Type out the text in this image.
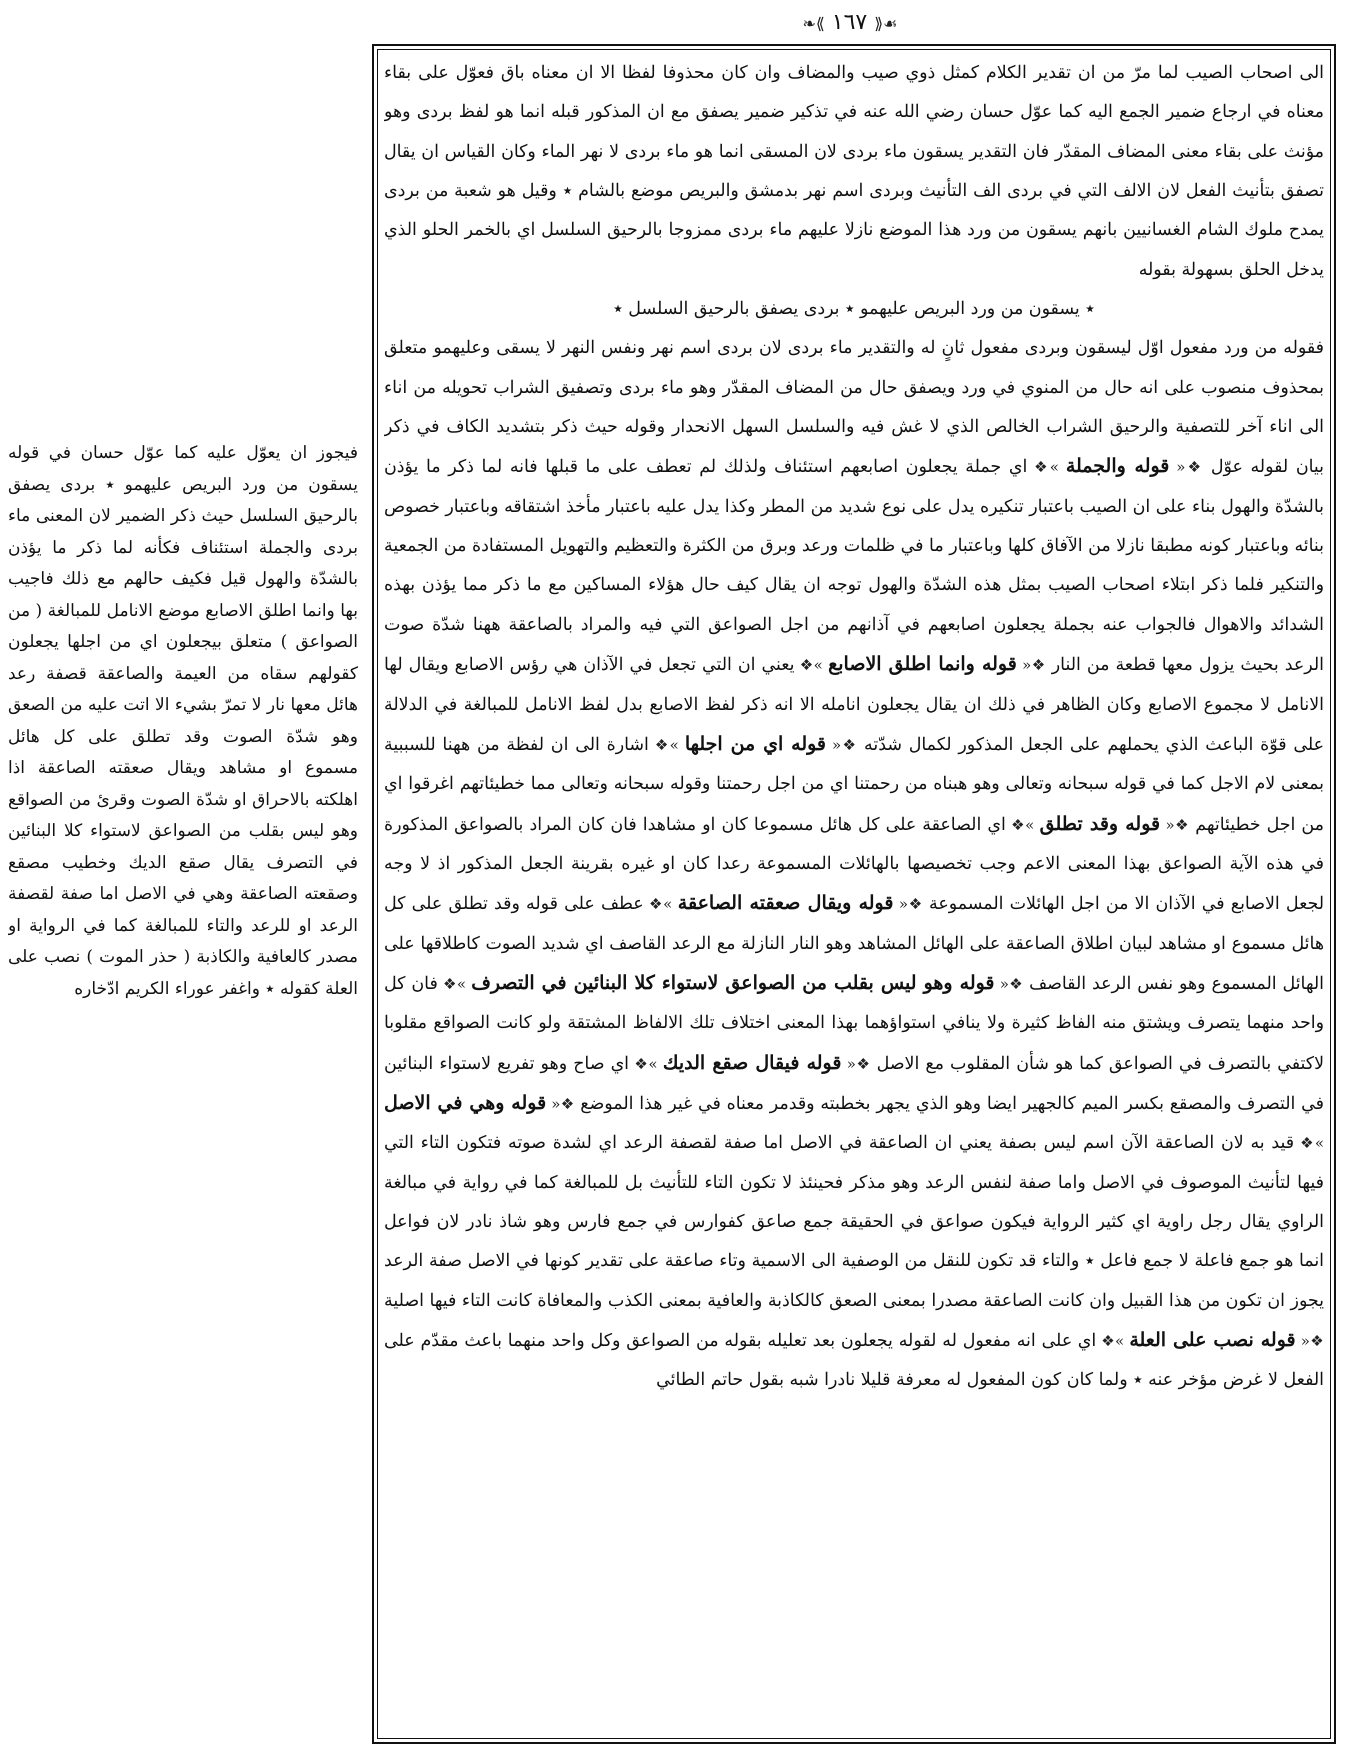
❧⟪ ١٦٧ ⟫☙

الى اصحاب الصيب لما مرّ من ان تقدير الكلام كمثل ذوي صيب والمضاف وان كان محذوفا لفظا الا ان معناه باق فعوّل على بقاء معناه في ارجاع ضمير الجمع اليه كما عوّل حسان رضي الله عنه في تذكير ضمير يصفق مع ان المذكور قبله انما هو لفظ بردى وهو مؤنث على بقاء معنى المضاف المقدّر فان التقدير يسقون ماء بردى لان المسقى انما هو ماء بردى لا نهر الماء وكان القياس ان يقال تصفق بتأنيث الفعل لان الالف التي في بردى الف التأنيث وبردى اسم نهر بدمشق والبريص موضع بالشام ٭ وقيل هو شعبة من بردى يمدح ملوك الشام الغسانيين بانهم يسقون من ورد هذا الموضع نازلا عليهم ماء بردى ممزوجا بالرحيق السلسل اي بالخمر الحلو الذي يدخل الحلق بسهولة بقوله

٭ يسقون من ورد البريص عليهمو ٭ بردى يصفق بالرحيق السلسل ٭

فقوله من ورد مفعول اوّل ليسقون وبردى مفعول ثانٍ له والتقدير ماء بردى لان بردى اسم نهر ونفس النهر لا يسقى وعليهمو متعلق بمحذوف منصوب على انه حال من المنوي في ورد ويصفق حال من المضاف المقدّر وهو ماء بردى وتصفيق الشراب تحويله من اناء الى اناء آخر للتصفية والرحيق الشراب الخالص الذي لا غش فيه والسلسل السهل الانحدار وقوله حيث ذكر بتشديد الكاف في ذكر بيان لقوله عوّل ❖« قوله والجملة »❖ اي جملة يجعلون اصابعهم استئناف ولذلك لم تعطف على ما قبلها فانه لما ذكر ما يؤذن بالشدّة والهول بناء على ان الصيب باعتبار تنكيره يدل على نوع شديد من المطر وكذا يدل عليه باعتبار مأخذ اشتقاقه وباعتبار خصوص بنائه وباعتبار كونه مطبقا نازلا من الآفاق كلها وباعتبار ما في ظلمات ورعد وبرق من الكثرة والتعظيم والتهويل المستفادة من الجمعية والتنكير فلما ذكر ابتلاء اصحاب الصيب بمثل هذه الشدّة والهول توجه ان يقال كيف حال هؤلاء المساكين مع ما ذكر مما يؤذن بهذه الشدائد والاهوال فالجواب عنه بجملة يجعلون اصابعهم في آذانهم من اجل الصواعق التي فيه والمراد بالصاعقة ههنا شدّة صوت الرعد بحيث يزول معها قطعة من النار ❖« قوله وانما اطلق الاصابع »❖ يعني ان التي تجعل في الآذان هي رؤس الاصابع ويقال لها الانامل لا مجموع الاصابع وكان الظاهر في ذلك ان يقال يجعلون انامله الا انه ذكر لفظ الاصابع بدل لفظ الانامل للمبالغة في الدلالة على قوّة الباعث الذي يحملهم على الجعل المذكور لكمال شدّته ❖« قوله اي من اجلها »❖ اشارة الى ان لفظة من ههنا للسببية بمعنى لام الاجل كما في قوله سبحانه وتعالى وهو هبناه من رحمتنا اي من اجل رحمتنا وقوله سبحانه وتعالى مما خطيئاتهم اغرقوا اي من اجل خطيئاتهم ❖« قوله وقد تطلق »❖ اي الصاعقة على كل هائل مسموعا كان او مشاهدا فان كان المراد بالصواعق المذكورة في هذه الآية الصواعق بهذا المعنى الاعم وجب تخصيصها بالهائلات المسموعة رعدا كان او غيره بقرينة الجعل المذكور اذ لا وجه لجعل الاصابع في الآذان الا من اجل الهائلات المسموعة ❖« قوله ويقال صعقته الصاعقة »❖ عطف على قوله وقد تطلق على كل هائل مسموع او مشاهد لبيان اطلاق الصاعقة على الهائل المشاهد وهو النار النازلة مع الرعد القاصف اي شديد الصوت كاطلاقها على الهائل المسموع وهو نفس الرعد القاصف ❖« قوله وهو ليس بقلب من الصواعق لاستواء كلا البنائين في التصرف »❖ فان كل واحد منهما يتصرف ويشتق منه الفاظ كثيرة ولا ينافي استواؤهما بهذا المعنى اختلاف تلك الالفاظ المشتقة ولو كانت الصواقع مقلوبا لاكتفي بالتصرف في الصواعق كما هو شأن المقلوب مع الاصل ❖« قوله فيقال صقع الديك »❖ اي صاح وهو تفريع لاستواء البنائين في التصرف والمصقع بكسر الميم كالجهير ايضا وهو الذي يجهر بخطبته وقدمر معناه في غير هذا الموضع ❖« قوله وهي في الاصل »❖ قيد به لان الصاعقة الآن اسم ليس بصفة يعني ان الصاعقة في الاصل اما صفة لقصفة الرعد اي لشدة صوته فتكون التاء التي فيها لتأنيث الموصوف في الاصل واما صفة لنفس الرعد وهو مذكر فحينئذ لا تكون التاء للتأنيث بل للمبالغة كما في رواية في مبالغة الراوي يقال رجل راوية اي كثير الرواية فيكون صواعق في الحقيقة جمع صاعق كفوارس في جمع فارس وهو شاذ نادر لان فواعل انما هو جمع فاعلة لا جمع فاعل ٭ والتاء قد تكون للنقل من الوصفية الى الاسمية وتاء صاعقة على تقدير كونها في الاصل صفة الرعد يجوز ان تكون من هذا القبيل وان كانت الصاعقة مصدرا بمعنى الصعق كالكاذبة والعافية بمعنى الكذب والمعافاة كانت التاء فيها اصلية ❖« قوله نصب على العلة »❖ اي على انه مفعول له لقوله يجعلون بعد تعليله بقوله من الصواعق وكل واحد منهما باعث مقدّم على الفعل لا غرض مؤخر عنه ٭ ولما كان كون المفعول له معرفة قليلا نادرا شبه بقول حاتم الطائي

فيجوز ان يعوّل عليه كما عوّل حسان في قوله يسقون من ورد البريص عليهمو ٭ بردى يصفق بالرحيق السلسل حيث ذكر الضمير لان المعنى ماء بردى والجملة استئناف فكأنه لما ذكر ما يؤذن بالشدّة والهول قيل فكيف حالهم مع ذلك فاجيب بها وانما اطلق الاصابع موضع الانامل للمبالغة ( من الصواعق ) متعلق بيجعلون اي من اجلها يجعلون كقولهم سقاه من العيمة والصاعقة قصفة رعد هائل معها نار لا تمرّ بشيء الا اتت عليه من الصعق وهو شدّة الصوت وقد تطلق على كل هائل مسموع او مشاهد ويقال صعقته الصاعقة اذا اهلكته بالاحراق او شدّة الصوت وقرئ من الصواقع وهو ليس بقلب من الصواعق لاستواء كلا البنائين في التصرف يقال صقع الديك وخطيب مصقع وصقعته الصاعقة وهي في الاصل اما صفة لقصفة الرعد او للرعد والتاء للمبالغة كما في الرواية او مصدر كالعافية والكاذبة ( حذر الموت ) نصب على العلة كقوله ٭ واغفر عوراء الكريم ادّخاره
